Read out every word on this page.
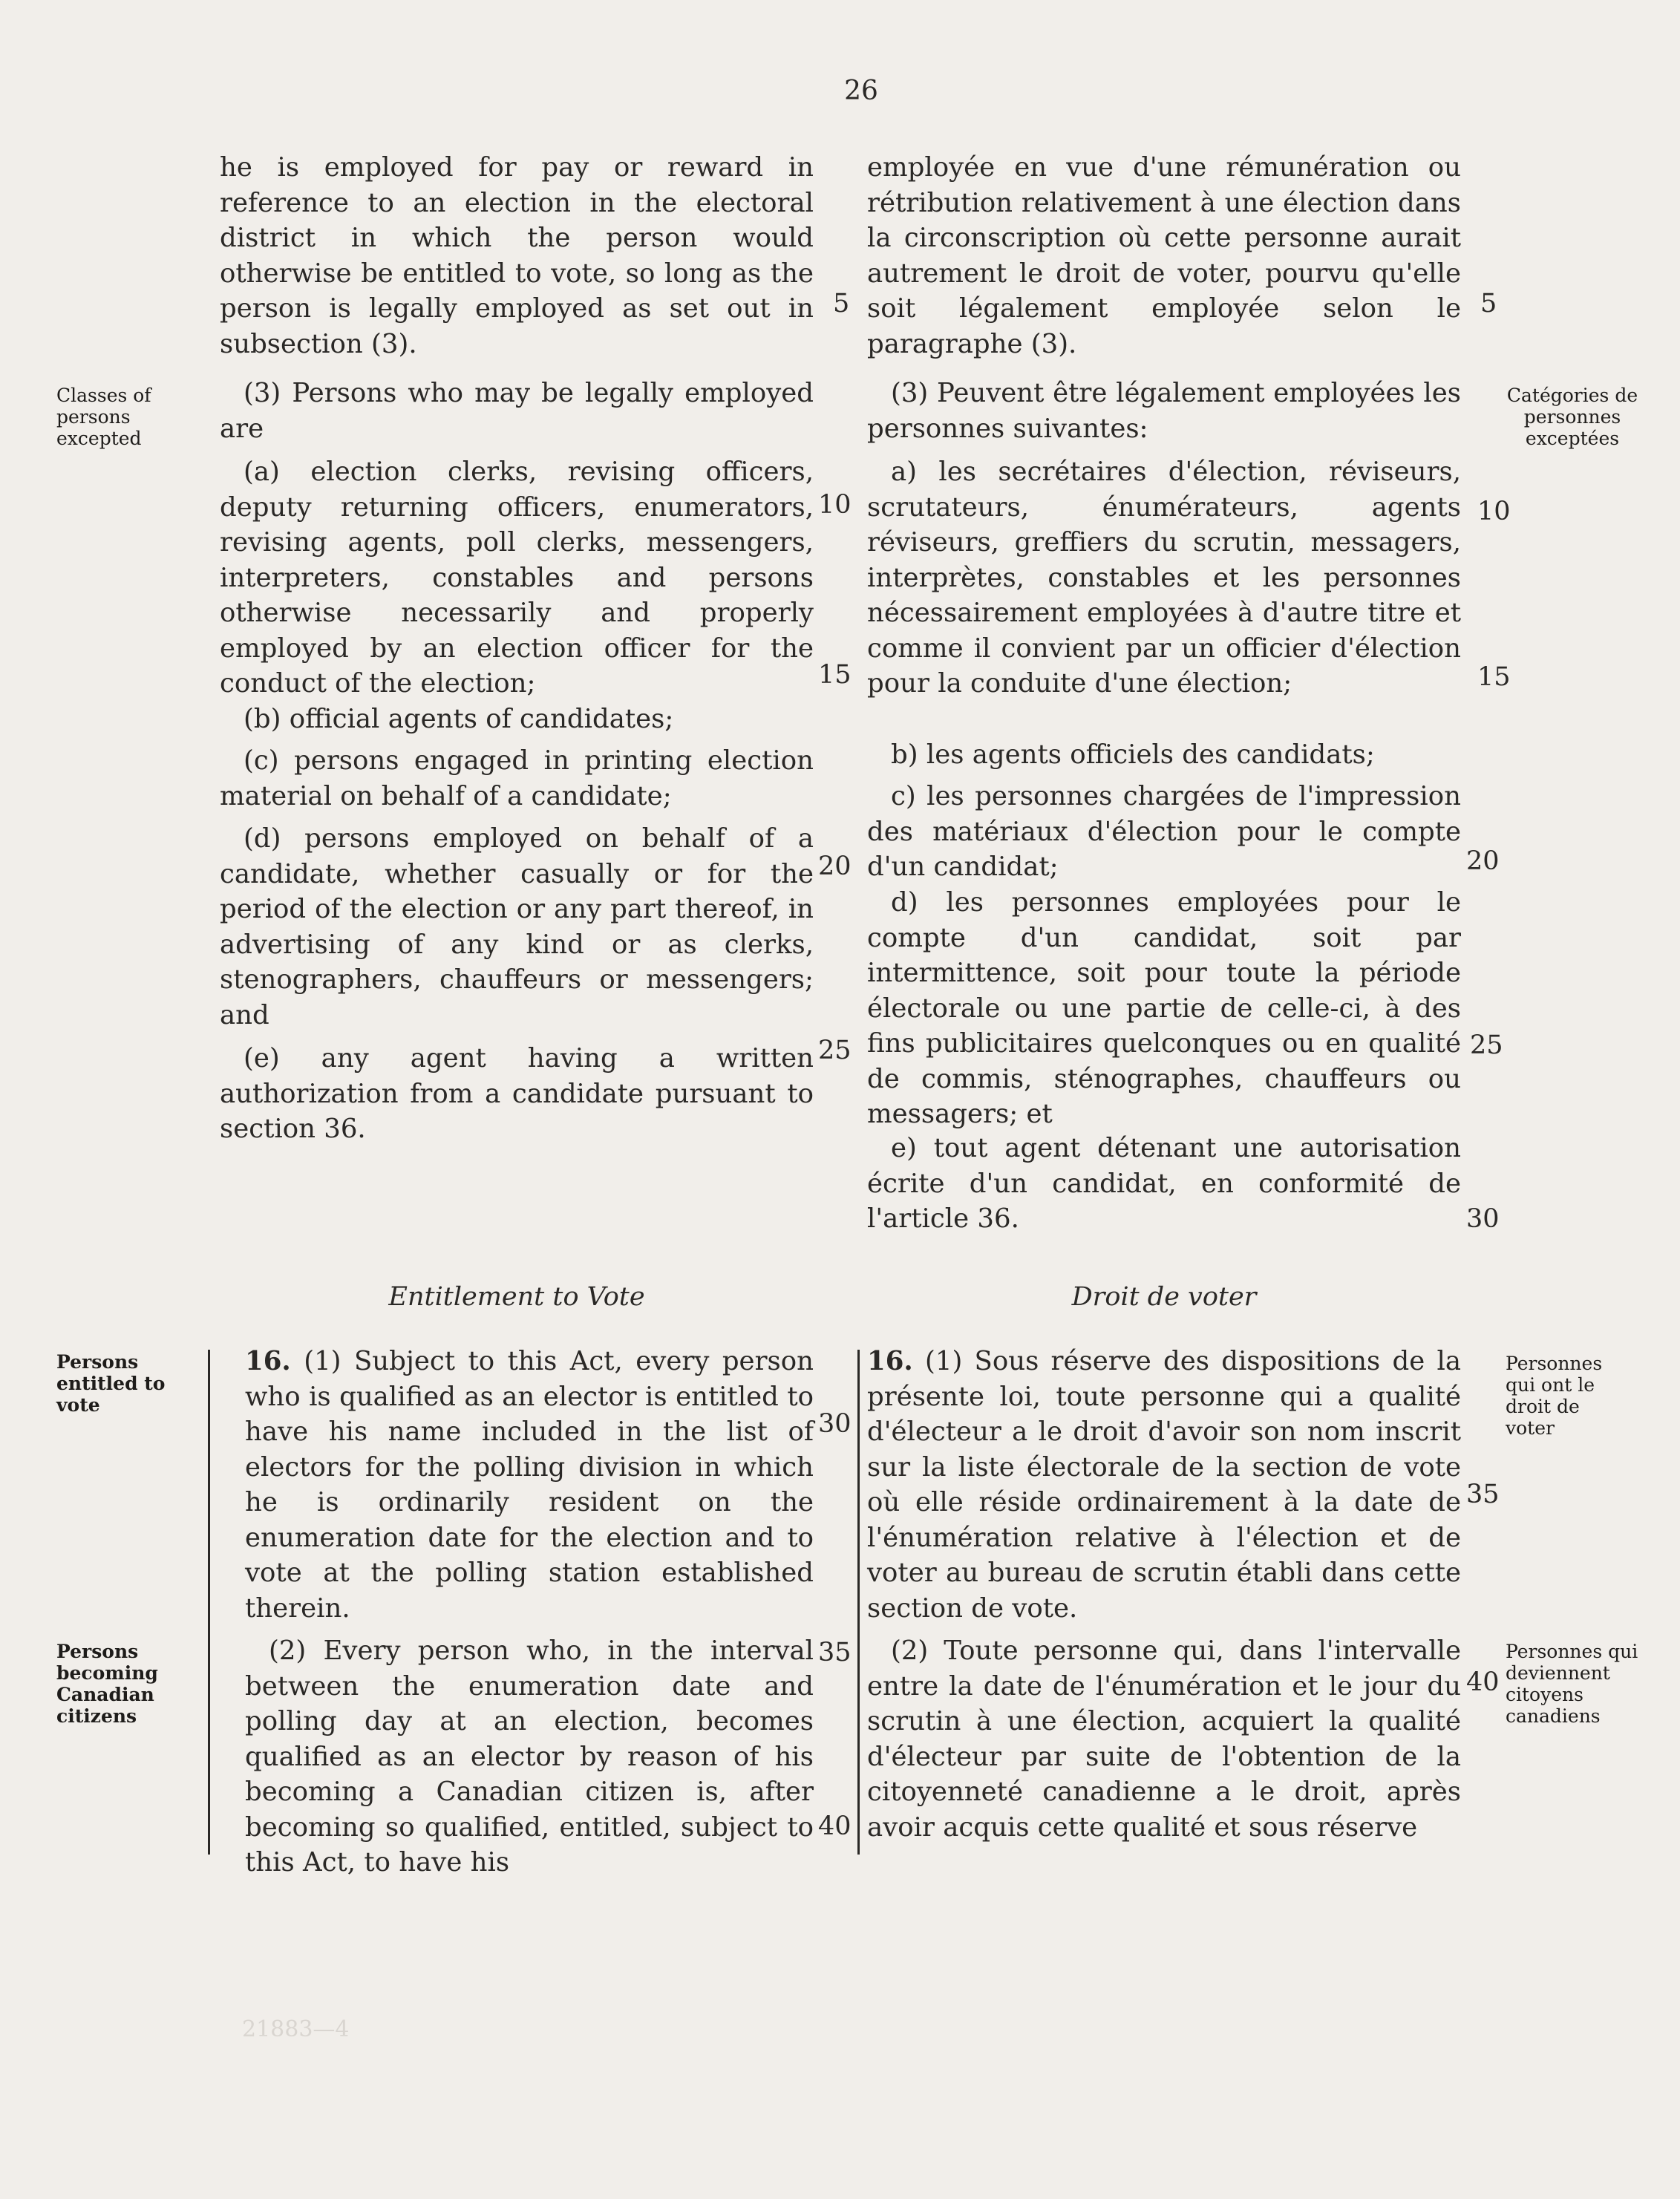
26
he is employed for pay or reward in reference to an election in the electoral district in which the person would otherwise be entitled to vote, so long as the person is legally employed as set out in subsection (3).
(3) Persons who may be legally employed are
(a) election clerks, revising officers, deputy returning officers, enumerators, revising agents, poll clerks, messengers, interpreters, constables and persons otherwise necessarily and properly employed by an election officer for the conduct of the election;
(b) official agents of candidates;
(c) persons engaged in printing election material on behalf of a candidate;
(d) persons employed on behalf of a candidate, whether casually or for the period of the election or any part thereof, in advertising of any kind or as clerks, stenographers, chauffeurs or messengers; and
(e) any agent having a written authorization from a candidate pursuant to section 36.
Entitlement to Vote
16. (1) Subject to this Act, every person who is qualified as an elector is entitled to have his name included in the list of electors for the polling division in which he is ordinarily resident on the enumeration date for the election and to vote at the polling station established therein.
(2) Every person who, in the interval between the enumeration date and polling day at an election, becomes qualified as an elector by reason of his becoming a Canadian citizen is, after becoming so qualified, entitled, subject to this Act, to have his
5
10
15
20
25
30
35
40
Classes of persons excepted
Persons entitled to vote
Persons becoming Canadian citizens
employée en vue d'une rémunération ou rétribution relativement à une élection dans la circonscription où cette personne aurait autrement le droit de voter, pourvu qu'elle soit légalement employée selon le paragraphe (3).
(3) Peuvent être légalement employées les personnes suivantes:
a) les secrétaires d'élection, réviseurs, scrutateurs, énumérateurs, agents réviseurs, greffiers du scrutin, messagers, interprètes, constables et les personnes nécessairement employées à d'autre titre et comme il convient par un officier d'élection pour la conduite d'une élection;
b) les agents officiels des candidats;
c) les personnes chargées de l'impression des matériaux d'élection pour le compte d'un candidat;
d) les personnes employées pour le compte d'un candidat, soit par intermittence, soit pour toute la période électorale ou une partie de celle-ci, à des fins publicitaires quelconques ou en qualité de commis, sténographes, chauffeurs ou messagers; et
e) tout agent détenant une autorisation écrite d'un candidat, en conformité de l'article 36.
Droit de voter
16. (1) Sous réserve des dispositions de la présente loi, toute personne qui a qualité d'électeur a le droit d'avoir son nom inscrit sur la liste électorale de la section de vote où elle réside ordinairement à la date de l'énumération relative à l'élection et de voter au bureau de scrutin établi dans cette section de vote.
(2) Toute personne qui, dans l'intervalle entre la date de l'énumération et le jour du scrutin à une élection, acquiert la qualité d'électeur par suite de l'obtention de la citoyenneté canadienne a le droit, après avoir acquis cette qualité et sous réserve
5
10
15
20
25
30
35
40
Catégories de personnes exceptées
Personnes qui ont le droit de voter
Personnes qui deviennent citoyens canadiens
21883—4
